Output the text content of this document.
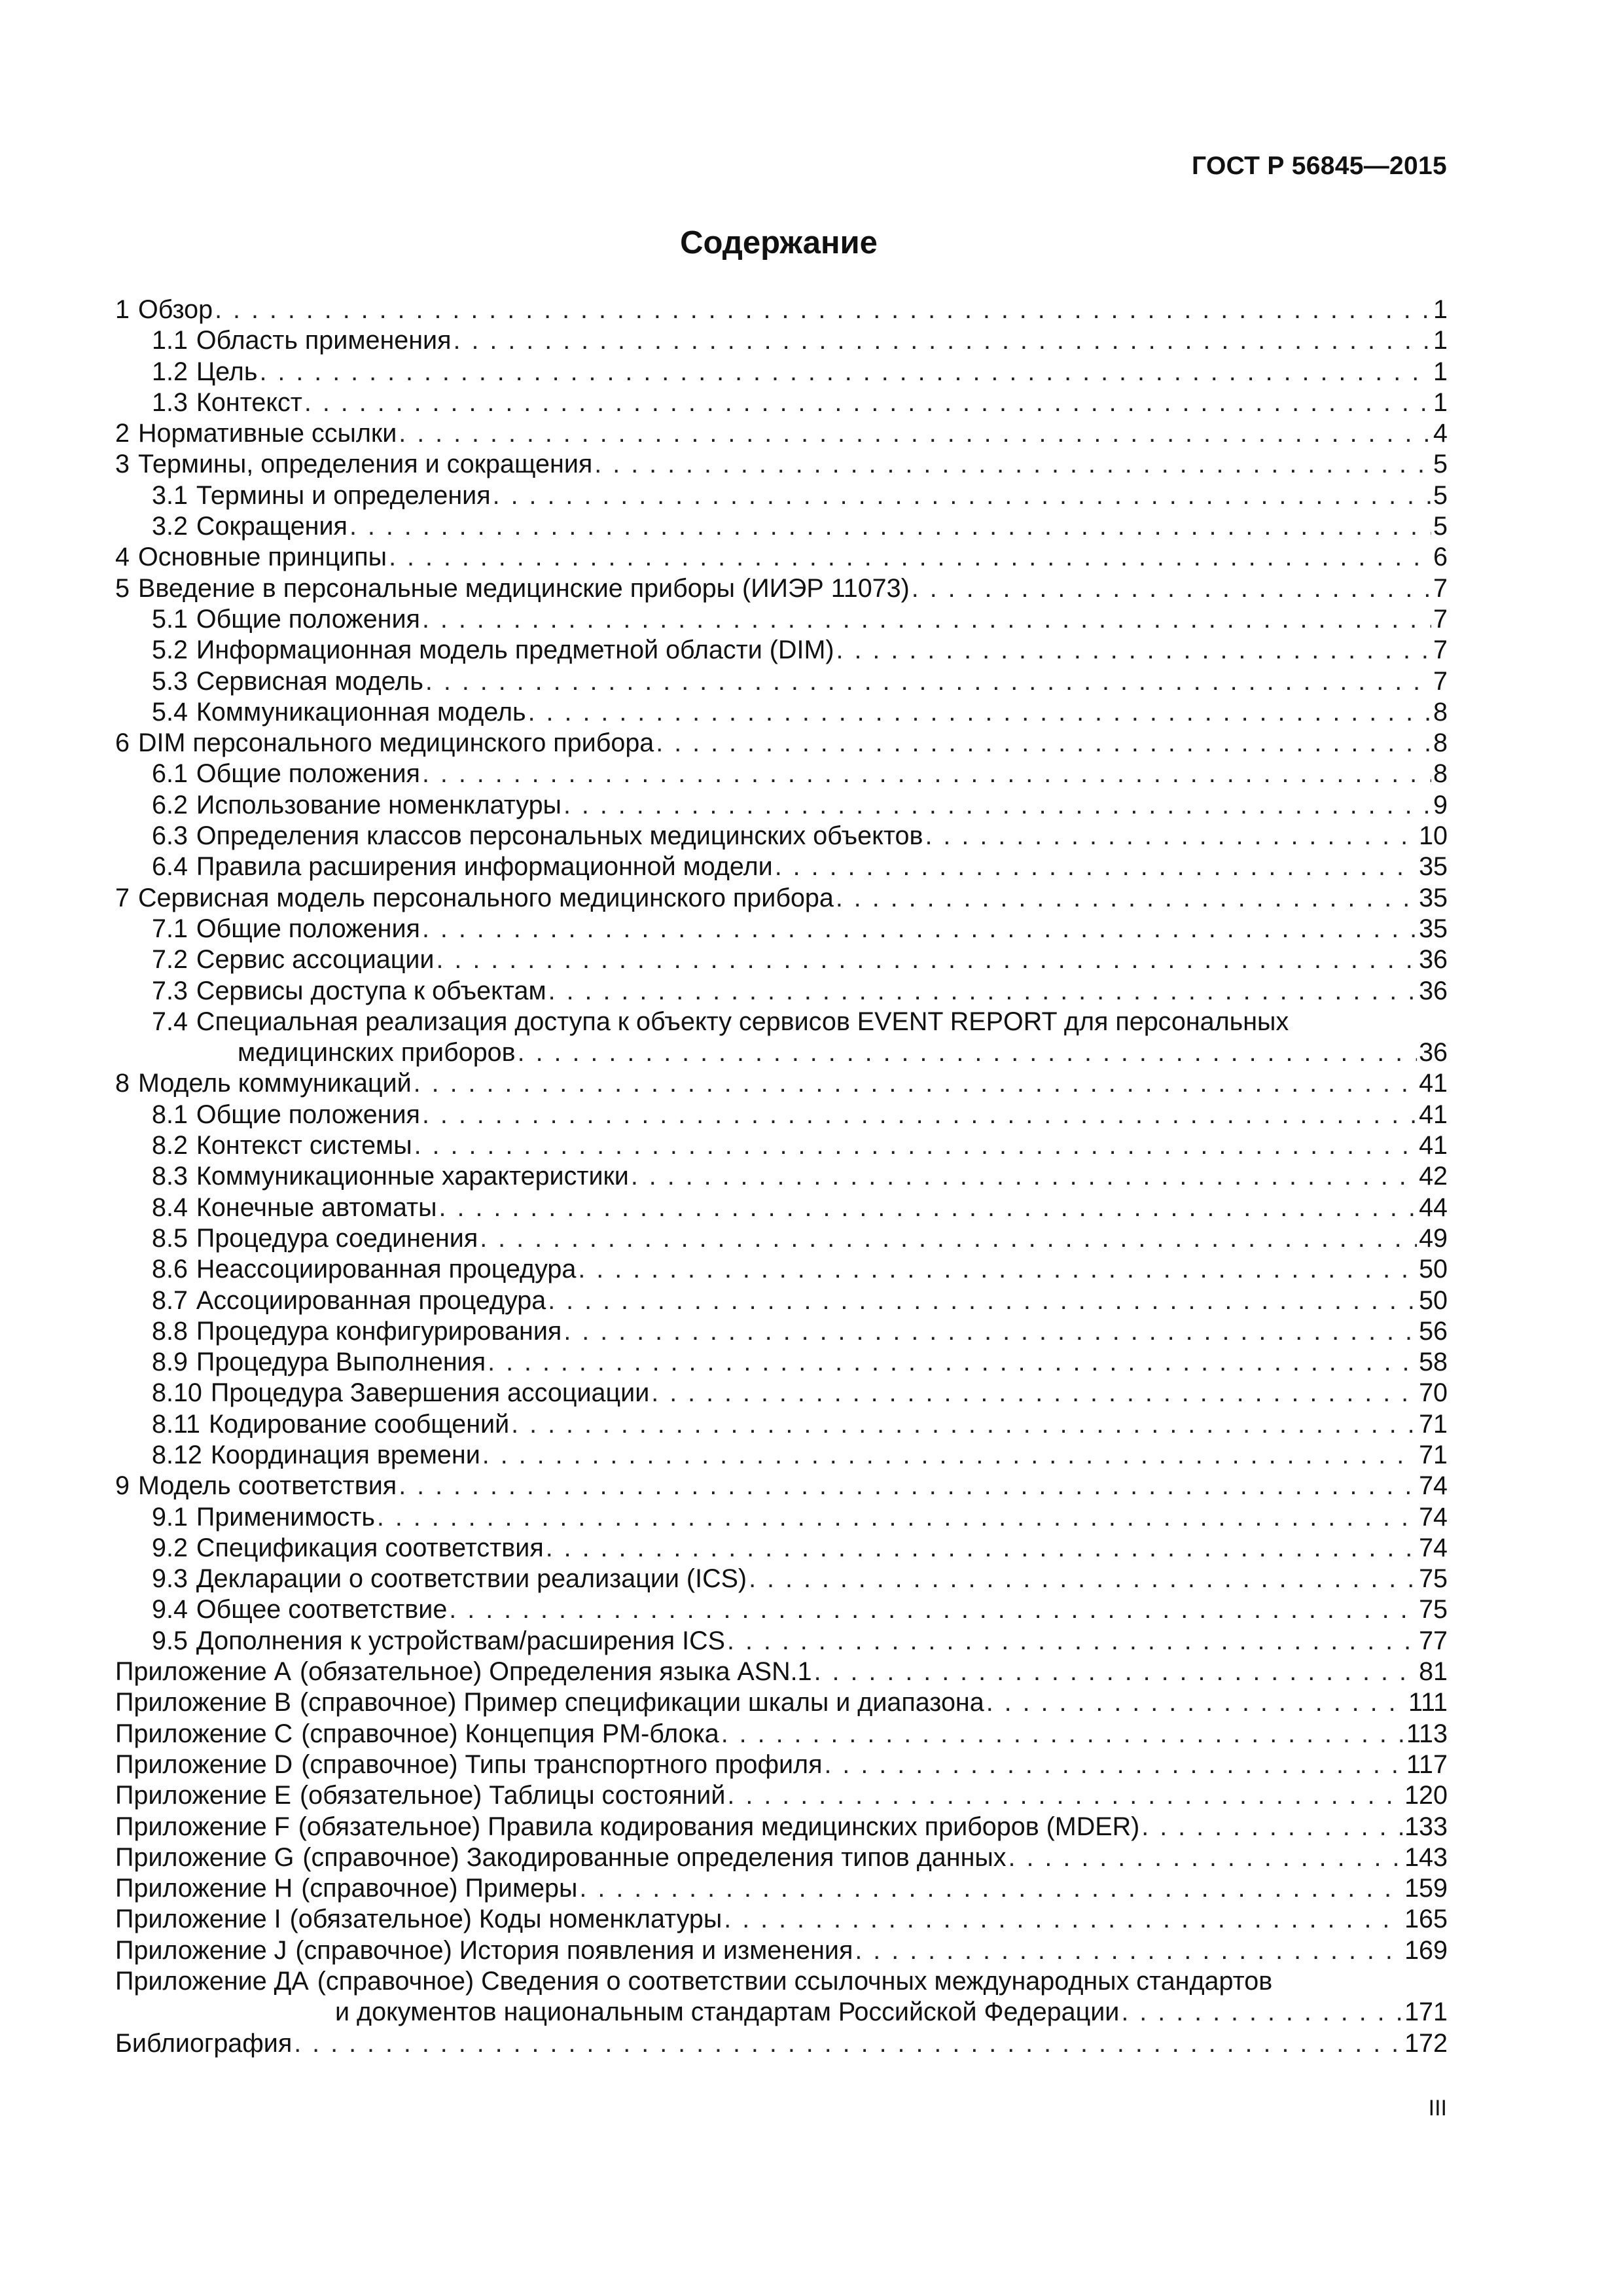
ГОСТ Р 56845—2015
Содержание
1 Обзор . . .	1
1.1 Область применения . . .	1
1.2 Цель . . .	1
1.3 Контекст . . .	1
2 Нормативные ссылки . . .	4
3 Термины, определения и сокращения . . .	5
3.1 Термины и определения . . .	5
3.2 Сокращения . . .	5
4 Основные принципы . . .	6
5 Введение в персональные медицинские приборы (ИИЭР 11073) . . .	7
5.1 Общие положения . . .	7
5.2 Информационная модель предметной области (DIM) . . .	7
5.3 Сервисная модель . . .	7
5.4 Коммуникационная модель . . .	8
6 DIM персонального медицинского прибора . . .	8
6.1 Общие положения . . .	8
6.2 Использование номенклатуры . . .	9
6.3 Определения классов персональных медицинских объектов . . .	10
6.4 Правила расширения информационной модели . . .	35
7 Сервисная модель персонального медицинского прибора . . .	35
7.1 Общие положения . . .	35
7.2 Сервис ассоциации . . .	36
7.3 Сервисы доступа к объектам . . .	36
7.4 Специальная реализация доступа к объекту сервисов EVENT REPORT для персональных
медицинских приборов . . .	36
8 Модель коммуникаций . . .	41
8.1 Общие положения . . .	41
8.2 Контекст системы . . .	41
8.3 Коммуникационные характеристики . . .	42
8.4 Конечные автоматы . . .	44
8.5 Процедура соединения . . .	49
8.6 Неассоциированная процедура . . .	50
8.7 Ассоциированная процедура . . .	50
8.8 Процедура конфигурирования . . .	56
8.9 Процедура Выполнения . . .	58
8.10 Процедура Завершения ассоциации . . .	70
8.11 Кодирование сообщений . . .	71
8.12 Координация времени . . .	71
9 Модель соответствия . . .	74
9.1 Применимость . . .	74
9.2 Спецификация соответствия . . .	74
9.3 Декларации о соответствии реализации (ICS) . . .	75
9.4 Общее соответствие . . .	75
9.5 Дополнения к устройствам/расширения ICS . . .	77
Приложение A (обязательное) Определения языка ASN.1 . . .	81
Приложение B (справочное) Пример спецификации шкалы и диапазона . . .	111
Приложение C (справочное) Концепция PM-блока . . .	113
Приложение D (справочное) Типы транспортного профиля . . .	117
Приложение E (обязательное) Таблицы состояний . . .	120
Приложение F (обязательное) Правила кодирования медицинских приборов (MDER) . . .	133
Приложение G (справочное) Закодированные определения типов данных . . .	143
Приложение H (справочное) Примеры . . .	159
Приложение I (обязательное) Коды номенклатуры . . .	165
Приложение J (справочное) История появления и изменения . . .	169
Приложение ДА (справочное) Сведения о соответствии ссылочных международных стандартов
и документов национальным стандартам Российской Федерации . . .	171
Библиография . . .	172
III
